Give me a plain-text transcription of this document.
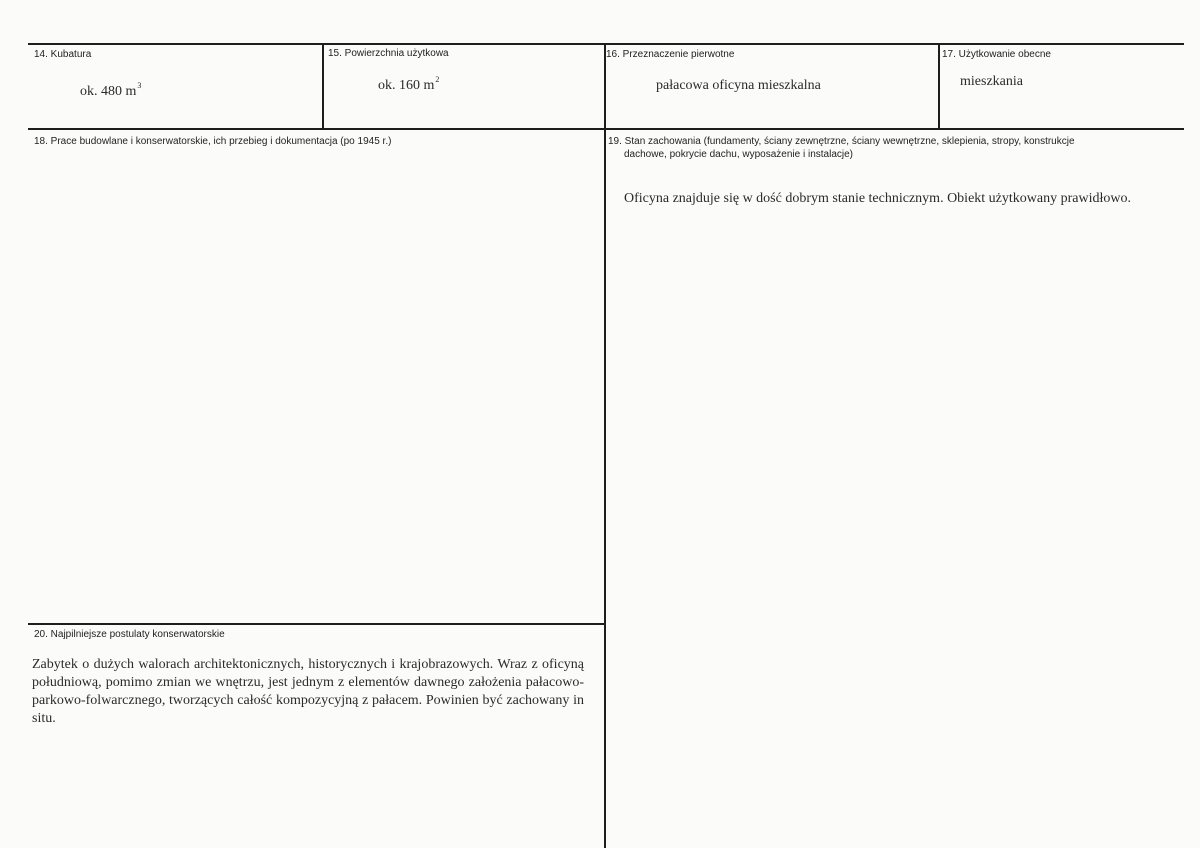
14. Kubatura
ok. 480 $m^3$
15. Powierzchnia użytkowa
ok. 160 $m^2$
16. Przeznaczenie pierwotne
pałacowa oficyna mieszkalna
17. Użytkowanie obecne
mieszkania
18. Prace budowlane i konserwatorskie, ich przebieg i dokumentacja (po 1945 r.)	19. Stan zachowania (fundamenty, ściany zewnętrzne, ściany wewnętrzne, sklepienia, stropy, konstrukcje
dachowe, pokrycie dachu, wyposażenie i instalacje)
Oficyna znajduje się w dość dobrym stanie technicznym. Obiekt użytkowany prawidłowo.
20. Najpilniejsze postulaty konserwatorskie
Zabytek o dużych walorach architektonicznych, historycznych i krajobrazowych. Wraz z oficyną południową, pomimo zmian we wnętrzu, jest jednym z elementów dawnego założenia pałacowo-parkowo-folwarcznego, tworzących całość kompozycyjną z pałacem. Powinien być zachowany in situ.
